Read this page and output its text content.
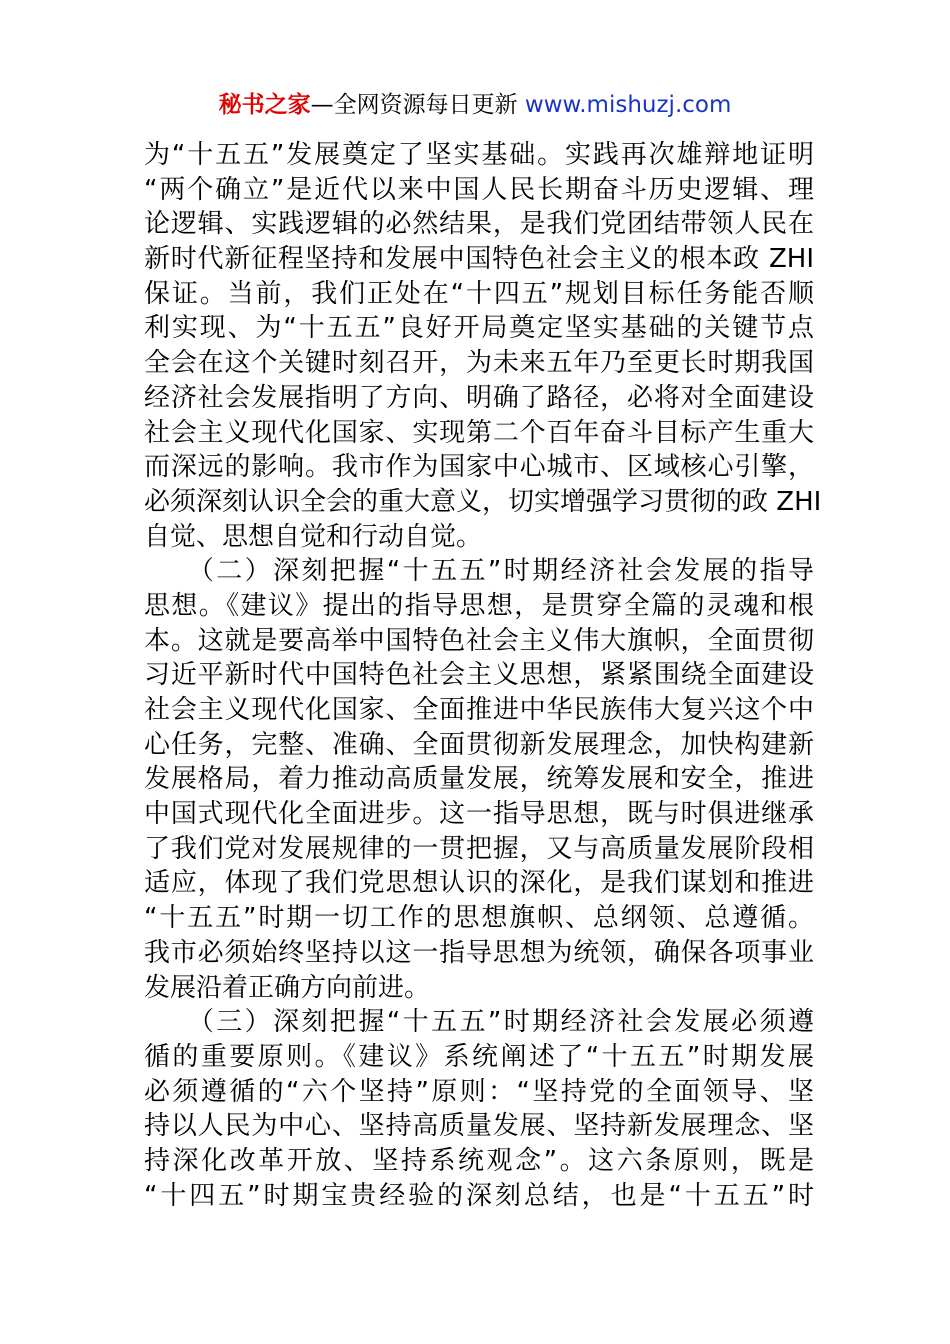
秘书之家—全网资源每日更新 www.mishuzj.com
为“十五五”发展奠定了坚实基础。实践再次雄辩地证明
“两个确立”是近代以来中国人民长期奋斗历史逻辑、理
论逻辑、实践逻辑的必然结果，是我们党团结带领人民在
新时代新征程坚持和发展中国特色社会主义的根本政 ZHI
保证。当前，我们正处在“十四五”规划目标任务能否顺
利实现、为“十五五”良好开局奠定坚实基础的关键节点
全会在这个关键时刻召开，为未来五年乃至更长时期我国
经济社会发展指明了方向、明确了路径，必将对全面建设
社会主义现代化国家、实现第二个百年奋斗目标产生重大
而深远的影响。我市作为国家中心城市、区域核心引擎，
必须深刻认识全会的重大意义，切实增强学习贯彻的政 ZHI
自觉、思想自觉和行动自觉。
　　（二）深刻把握“十五五”时期经济社会发展的指导
思想。《建议》提出的指导思想，是贯穿全篇的灵魂和根
本。这就是要高举中国特色社会主义伟大旗帜，全面贯彻
习近平新时代中国特色社会主义思想，紧紧围绕全面建设
社会主义现代化国家、全面推进中华民族伟大复兴这个中
心任务，完整、准确、全面贯彻新发展理念，加快构建新
发展格局，着力推动高质量发展，统筹发展和安全，推进
中国式现代化全面进步。这一指导思想，既与时俱进继承
了我们党对发展规律的一贯把握，又与高质量发展阶段相
适应，体现了我们党思想认识的深化，是我们谋划和推进
“十五五”时期一切工作的思想旗帜、总纲领、总遵循。
我市必须始终坚持以这一指导思想为统领，确保各项事业
发展沿着正确方向前进。
　　（三）深刻把握“十五五”时期经济社会发展必须遵
循的重要原则。《建议》系统阐述了“十五五”时期发展
必须遵循的“六个坚持”原则：“坚持党的全面领导、坚
持以人民为中心、坚持高质量发展、坚持新发展理念、坚
持深化改革开放、坚持系统观念”。这六条原则，既是
“十四五”时期宝贵经验的深刻总结，也是“十五五”时
